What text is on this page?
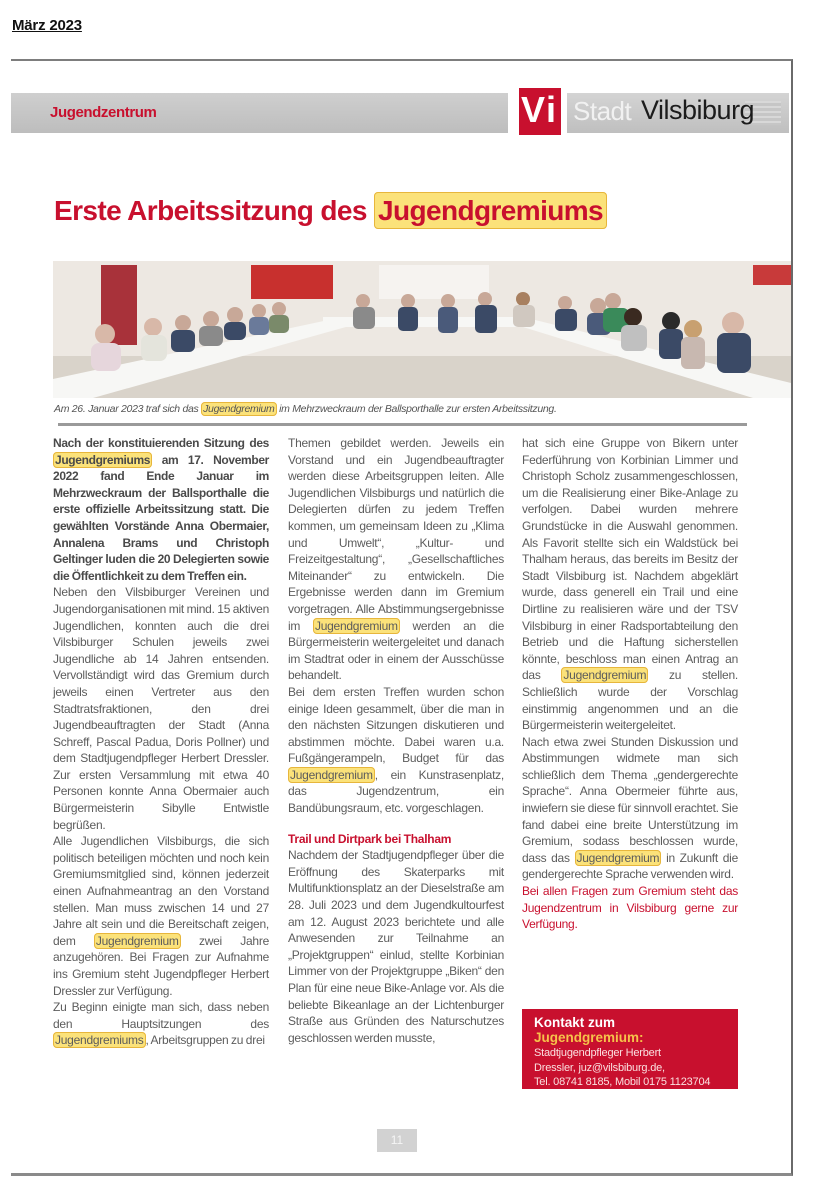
März 2023
Jugendzentrum	V i Stadt Vilsbiburg
Erste Arbeitssitzung des Jugendgremiums
Am 26. Januar 2023 traf sich das Jugendgremium im Mehrzweckraum der Ballsporthalle zur ersten Arbeitssitzung.

Nach der konstituierenden Sitzung des Jugendgremiums am 17. November 2022 fand Ende Januar im Mehrzweckraum der Ballsporthalle die erste offizielle Arbeitssitzung statt. Die gewählten Vorstände Anna Obermaier, Annalena Brams und Christoph Geltinger luden die 20 Delegierten sowie die Öffentlichkeit zu dem Treffen ein.

Neben den Vilsbiburger Vereinen und Jugendorganisationen mit mind. 15 aktiven Jugendlichen, konnten auch die drei Vilsbiburger Schulen jeweils zwei Jugendliche ab 14 Jahren entsenden. Vervollständigt wird das Gremium durch jeweils einen Vertreter aus den Stadtratsfraktionen, den drei Jugendbeauftragten der Stadt (Anna Schreff, Pascal Padua, Doris Pollner) und dem Stadtjugendpfleger Herbert Dressler. Zur ersten Versammlung mit etwa 40 Personen konnte Anna Obermaier auch Bürgermeisterin Sibylle Entwistle begrüßen.

Alle Jugendlichen Vilsbiburgs, die sich politisch beteiligen möchten und noch kein Gremiumsmitglied sind, können jederzeit einen Aufnahmeantrag an den Vorstand stellen. Man muss zwischen 14 und 27 Jahre alt sein und die Bereitschaft zeigen, dem Jugendgremium zwei Jahre anzugehören. Bei Fragen zur Aufnahme ins Gremium steht Jugendpfleger Herbert Dressler zur Verfügung.

Zu Beginn einigte man sich, dass neben den Hauptsitzungen des Jugendgremiums , Arbeitsgruppen zu drei

Themen gebildet werden. Jeweils ein Vorstand und ein Jugendbeauftragter werden diese Arbeitsgruppen leiten. Alle Jugendlichen Vilsbiburgs und natürlich die Delegierten dürfen zu jedem Treffen kommen, um gemeinsam Ideen zu „Klima und Umwelt“, „Kultur- und Freizeitgestaltung“, „Gesellschaftliches Miteinander“ zu entwickeln. Die Ergebnisse werden dann im Gremium vorgetragen. Alle Abstimmungsergebnisse im Jugendgremium werden an die Bürgermeisterin weitergeleitet und danach im Stadtrat oder in einem der Ausschüsse behandelt.

Bei dem ersten Treffen wurden schon einige Ideen gesammelt, über die man in den nächsten Sitzungen diskutieren und abstimmen möchte. Dabei waren u.a. Fußgängerampeln, Budget für das Jugendgremium , ein Kunstrasenplatz, das Jugendzentrum, ein Bandübungsraum, etc. vorgeschlagen.

Trail und Dirtpark bei Thalham

Nachdem der Stadtjugendpfleger über die Eröffnung des Skaterparks mit Multifunktionsplatz an der Dieselstraße am 28. Juli 2023 und dem Jugendkultourfest am 12. August 2023 berichtete und alle Anwesenden zur Teilnahme an „Projektgruppen“ einlud, stellte Korbinian Limmer von der Projektgruppe „Biken“ den Plan für eine neue Bike-Anlage vor. Als die beliebte Bikeanlage an der Lichtenburger Straße aus Gründen des Naturschutzes geschlossen werden musste,

hat sich eine Gruppe von Bikern unter Federführung von Korbinian Limmer und Christoph Scholz zusammengeschlossen, um die Realisierung einer Bike-Anlage zu verfolgen. Dabei wurden mehrere Grundstücke in die Auswahl genommen. Als Favorit stellte sich ein Waldstück bei Thalham heraus, das bereits im Besitz der Stadt Vilsbiburg ist. Nachdem abgeklärt wurde, dass generell ein Trail und eine Dirtline zu realisieren wäre und der TSV Vilsbiburg in einer Radsportabteilung den Betrieb und die Haftung sicherstellen könnte, beschloss man einen Antrag an das Jugendgremium zu stellen. Schließlich wurde der Vorschlag einstimmig angenommen und an die Bürgermeisterin weitergeleitet.

Nach etwa zwei Stunden Diskussion und Abstimmungen widmete man sich schließlich dem Thema „gendergerechte Sprache“. Anna Obermeier führte aus, inwiefern sie diese für sinnvoll erachtet. Sie fand dabei eine breite Unterstützung im Gremium, sodass beschlossen wurde, dass das Jugendgremium in Zukunft die gendergerechte Sprache verwenden wird.

Bei allen Fragen zum Gremium steht das Jugendzentrum in Vilsbiburg gerne zur Verfügung.

Kontakt zum
Jugendgremium:
Stadtjugendpfleger Herbert
Dressler, juz@vilsbiburg.de,
Tel. 08741 8185, Mobil 0175 1123704
11
